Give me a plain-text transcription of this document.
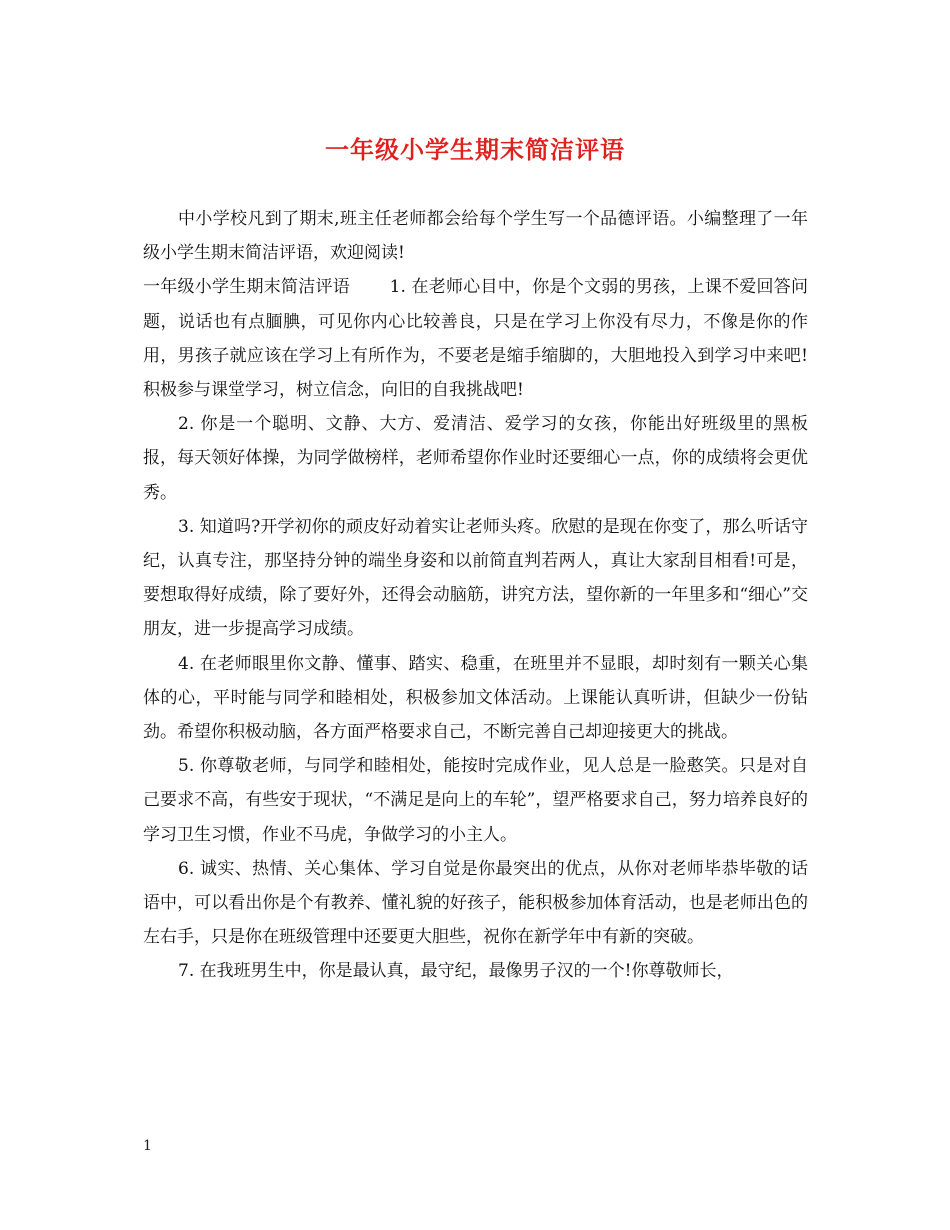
一年级小学生期末简洁评语

中小学校凡到了期末,班主任老师都会给每个学生写一个品德评语。小编整理了一年级小学生期末简洁评语，欢迎阅读!

一年级小学生期末简洁评语   1. 在老师心目中，你是个文弱的男孩，上课不爱回答问题，说话也有点腼腆，可见你内心比较善良，只是在学习上你没有尽力，不像是你的作用，男孩子就应该在学习上有所作为，不要老是缩手缩脚的，大胆地投入到学习中来吧!积极参与课堂学习，树立信念，向旧的自我挑战吧!

2. 你是一个聪明、文静、大方、爱清洁、爱学习的女孩，你能出好班级里的黑板报，每天领好体操，为同学做榜样，老师希望你作业时还要细心一点，你的成绩将会更优秀。

3. 知道吗?开学初你的顽皮好动着实让老师头疼。欣慰的是现在你变了，那么听话守纪，认真专注，那坚持分钟的端坐身姿和以前简直判若两人，真让大家刮目相看!可是，要想取得好成绩，除了要好外，还得会动脑筋，讲究方法，望你新的一年里多和“细心”交朋友，进一步提高学习成绩。

4. 在老师眼里你文静、懂事、踏实、稳重，在班里并不显眼，却时刻有一颗关心集体的心，平时能与同学和睦相处，积极参加文体活动。上课能认真听讲，但缺少一份钻劲。希望你积极动脑，各方面严格要求自己，不断完善自己却迎接更大的挑战。

5. 你尊敬老师，与同学和睦相处，能按时完成作业，见人总是一脸憨笑。只是对自己要求不高，有些安于现状，“不满足是向上的车轮”，望严格要求自己，努力培养良好的学习卫生习惯，作业不马虎，争做学习的小主人。

6. 诚实、热情、关心集体、学习自觉是你最突出的优点，从你对老师毕恭毕敬的话语中，可以看出你是个有教养、懂礼貌的好孩子，能积极参加体育活动，也是老师出色的左右手，只是你在班级管理中还要更大胆些，祝你在新学年中有新的突破。

7. 在我班男生中，你是最认真，最守纪，最像男子汉的一个!你尊敬师长，

1
